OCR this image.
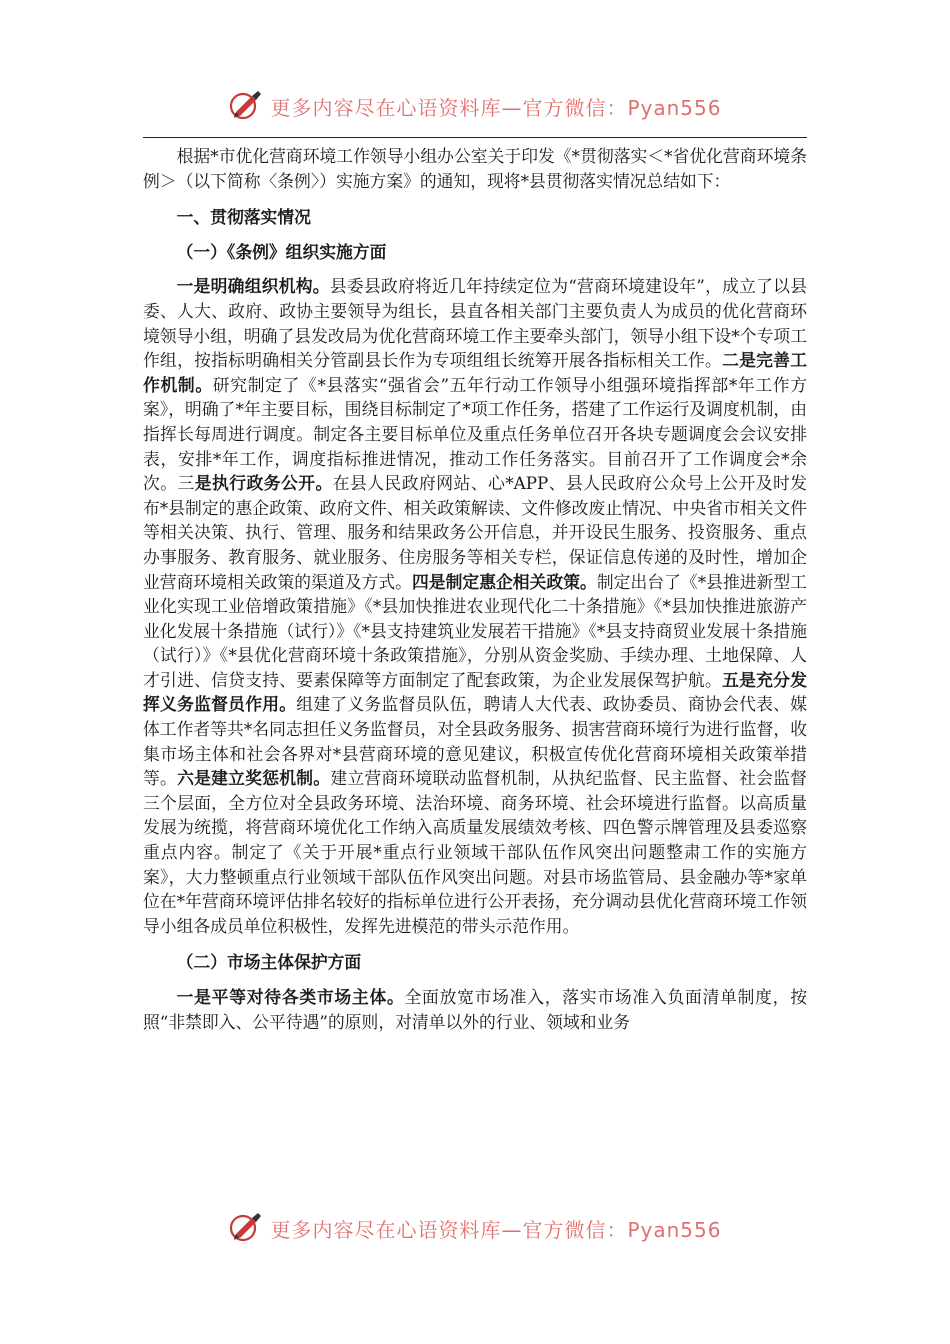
更多内容尽在心语资料库—官方微信：Pyan556

根据*市优化营商环境工作领导小组办公室关于印发《*贯彻落实＜*省优化营商环境条例＞（以下简称〈条例〉）实施方案》的通知，现将*县贯彻落实情况总结如下：

一、贯彻落实情况

（一）《条例》组织实施方面

一是明确组织机构。县委县政府将近几年持续定位为“营商环境建设年”，成立了以县委、人大、政府、政协主要领导为组长，县直各相关部门主要负责人为成员的优化营商环境领导小组，明确了县发改局为优化营商环境工作主要牵头部门，领导小组下设*个专项工作组，按指标明确相关分管副县长作为专项组组长统筹开展各指标相关工作。二是完善工作机制。研究制定了《*县落实“强省会”五年行动工作领导小组强环境指挥部*年工作方案》，明确了*年主要目标，围绕目标制定了*项工作任务，搭建了工作运行及调度机制，由指挥长每周进行调度。制定各主要目标单位及重点任务单位召开各块专题调度会会议安排表，安排*年工作，调度指标推进情况，推动工作任务落实。目前召开了工作调度会*余次。三是执行政务公开。在县人民政府网站、心*APP、县人民政府公众号上公开及时发布*县制定的惠企政策、政府文件、相关政策解读、文件修改废止情况、中央省市相关文件等相关决策、执行、管理、服务和结果政务公开信息，并开设民生服务、投资服务、重点办事服务、教育服务、就业服务、住房服务等相关专栏，保证信息传递的及时性，增加企业营商环境相关政策的渠道及方式。四是制定惠企相关政策。制定出台了《*县推进新型工业化实现工业倍增政策措施》《*县加快推进农业现代化二十条措施》《*县加快推进旅游产业化发展十条措施（试行）》《*县支持建筑业发展若干措施》《*县支持商贸业发展十条措施（试行）》《*县优化营商环境十条政策措施》，分别从资金奖励、手续办理、土地保障、人才引进、信贷支持、要素保障等方面制定了配套政策，为企业发展保驾护航。五是充分发挥义务监督员作用。组建了义务监督员队伍，聘请人大代表、政协委员、商协会代表、媒体工作者等共*名同志担任义务监督员，对全县政务服务、损害营商环境行为进行监督，收集市场主体和社会各界对*县营商环境的意见建议，积极宣传优化营商环境相关政策举措等。六是建立奖惩机制。建立营商环境联动监督机制，从执纪监督、民主监督、社会监督三个层面，全方位对全县政务环境、法治环境、商务环境、社会环境进行监督。以高质量发展为统揽，将营商环境优化工作纳入高质量发展绩效考核、四色警示牌管理及县委巡察重点内容。制定了《关于开展*重点行业领域干部队伍作风突出问题整肃工作的实施方案》，大力整顿重点行业领域干部队伍作风突出问题。对县市场监管局、县金融办等*家单位在*年营商环境评估排名较好的指标单位进行公开表扬，充分调动县优化营商环境工作领导小组各成员单位积极性，发挥先进模范的带头示范作用。

（二）市场主体保护方面

一是平等对待各类市场主体。全面放宽市场准入，落实市场准入负面清单制度，按照“非禁即入、公平待遇”的原则，对清单以外的行业、领域和业务

更多内容尽在心语资料库—官方微信：Pyan556
